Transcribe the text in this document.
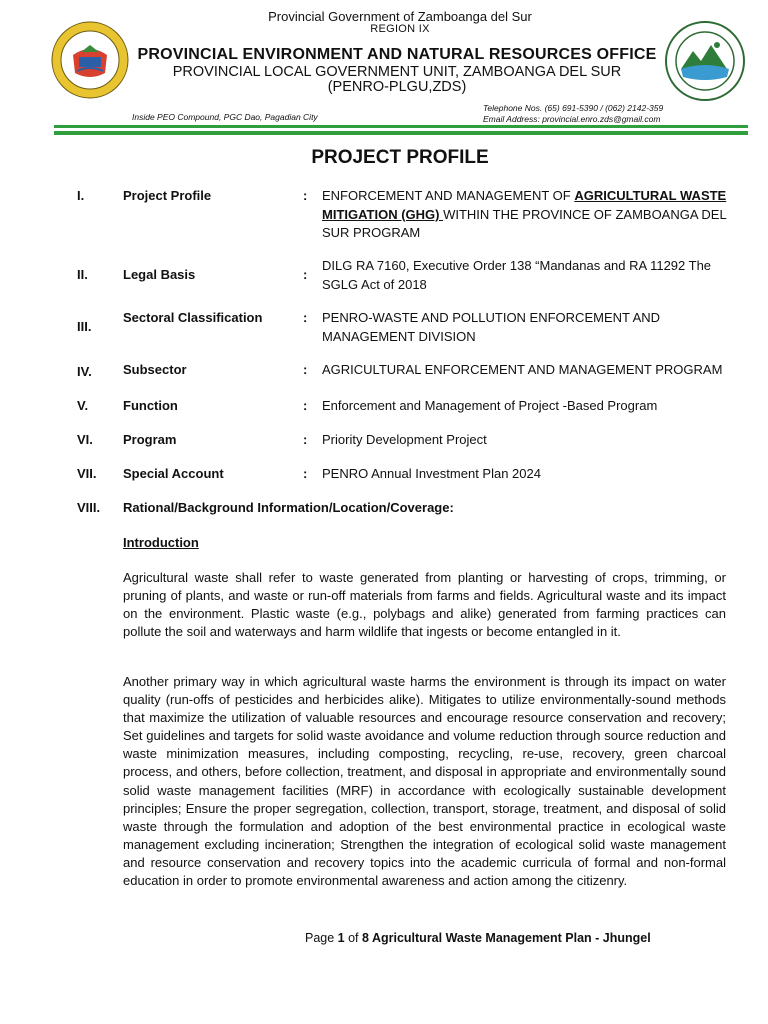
Provincial Government of Zamboanga del Sur
REGION IX
PROVINCIAL ENVIRONMENT AND NATURAL RESOURCES OFFICE
PROVINCIAL LOCAL GOVERNMENT UNIT, ZAMBOANGA DEL SUR
(PENRO-PLGU,ZDS)
Inside PEO Compound, PGC Dao, Pagadian City
Telephone Nos. (65) 691-5390 / (062) 2142-359
Email Address: provincial.enro.zds@gmail.com
PROJECT PROFILE
I.	Project Profile	: ENFORCEMENT AND MANAGEMENT OF AGRICULTURAL WASTE MITIGATION (GHG) WITHIN THE PROVINCE OF ZAMBOANGA DEL SUR PROGRAM
II.	Legal Basis	:
DILG RA 7160, Executive Order 138 “Mandanas and RA 11292 The SGLG Act of 2018
III.
Sectoral Classification	: PENRO-WASTE AND POLLUTION ENFORCEMENT AND MANAGEMENT DIVISION
IV. Subsector	: AGRICULTURAL ENFORCEMENT AND MANAGEMENT PROGRAM
V.	Function	: Enforcement and Management of Project -Based Program
VI. Program	: Priority Development Project
VII. Special Account	: PENRO Annual Investment Plan 2024
VIII. Rational/Background Information/Location/Coverage:
Introduction
Agricultural waste shall refer to waste generated from planting or harvesting of crops, trimming, or pruning of plants, and waste or run-off materials from farms and fields. Agricultural waste and its impact on the environment. Plastic waste (e.g., polybags and alike) generated from farming practices can pollute the soil and waterways and harm wildlife that ingests or become entangled in it.
Another primary way in which agricultural waste harms the environment is through its impact on water quality (run-offs of pesticides and herbicides alike). Mitigates to utilize environmentally-sound methods that maximize the utilization of valuable resources and encourage resource conservation and recovery; Set guidelines and targets for solid waste avoidance and volume reduction through source reduction and waste minimization measures, including composting, recycling, re-use, recovery, green charcoal process, and others, before collection, treatment, and disposal in appropriate and environmentally sound solid waste management facilities (MRF) in accordance with ecologically sustainable development principles; Ensure the proper segregation, collection, transport, storage, treatment, and disposal of solid waste through the formulation and adoption of the best environmental practice in ecological waste management excluding incineration; Strengthen the integration of ecological solid waste management and resource conservation and recovery topics into the academic curricula of formal and non-formal education in order to promote environmental awareness and action among the citizenry.
Page 1 of 8 Agricultural Waste Management Plan - Jhungel
